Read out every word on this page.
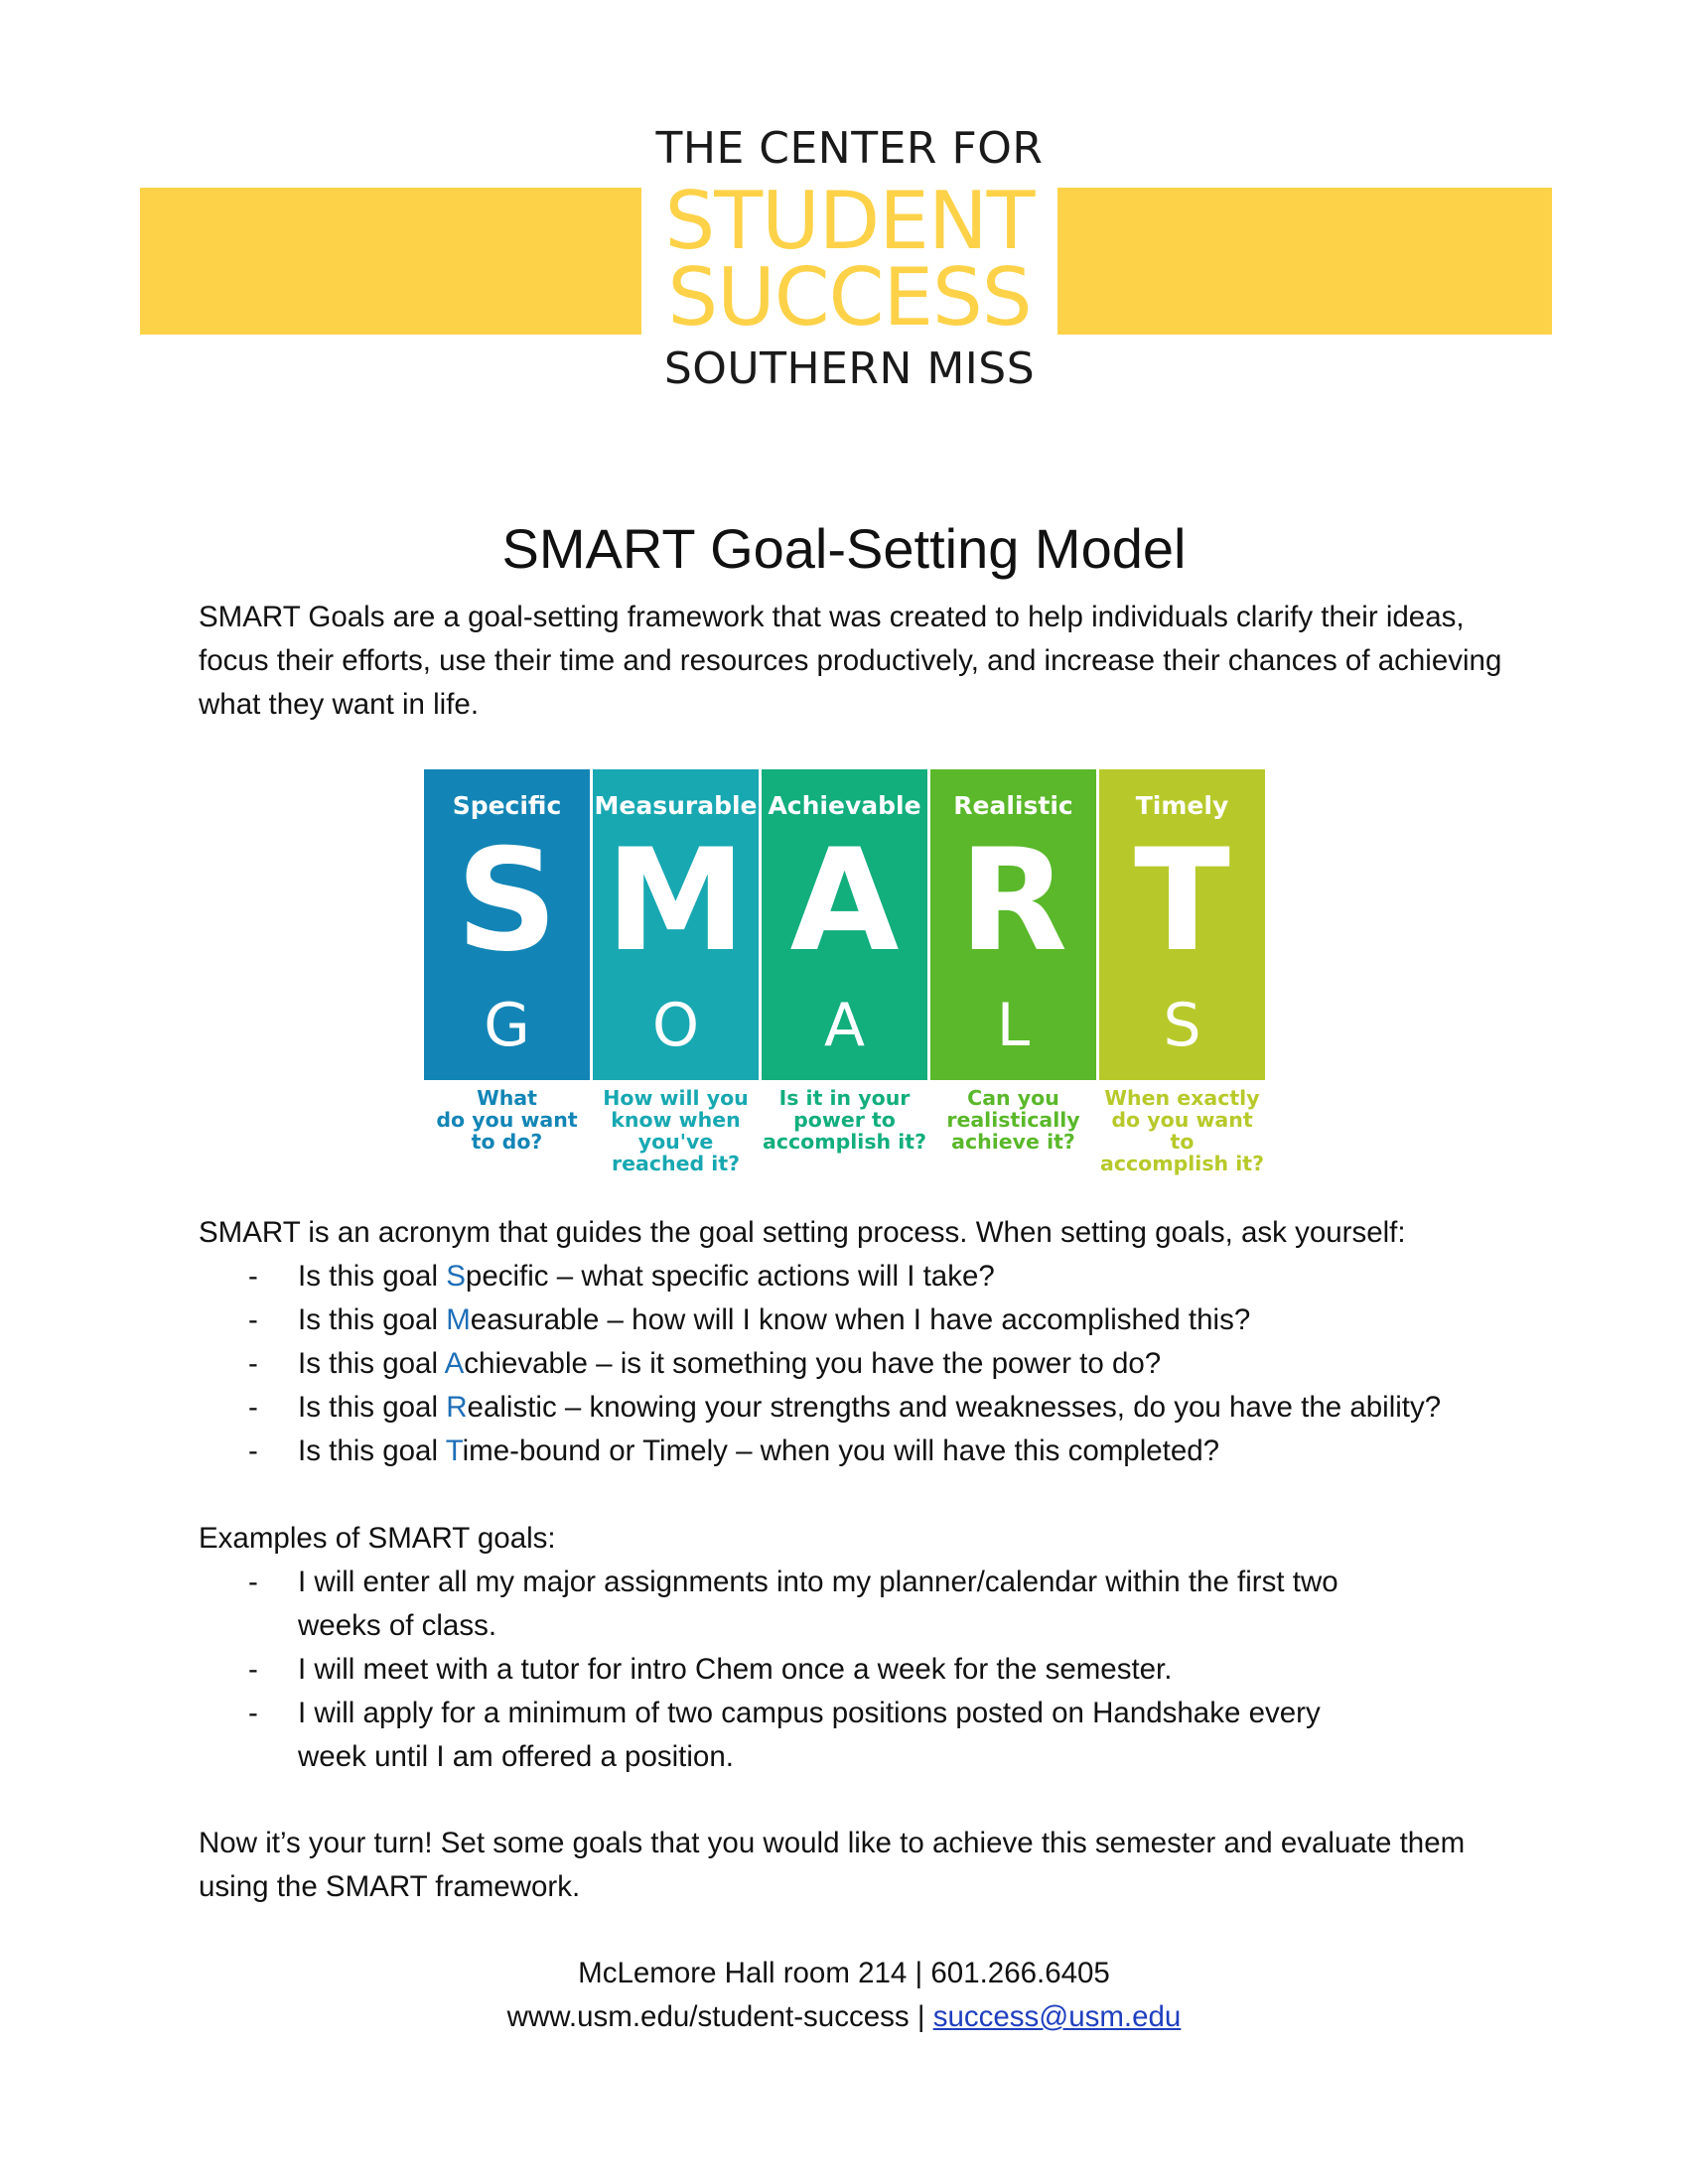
THE CENTER FOR
STUDENT
SUCCESS
SOUTHERN MISS
SMART Goal-Setting Model

SMART Goals are a goal-setting framework that was created to help individuals clarify their ideas, focus their efforts, use their time and resources productively, and increase their chances of achieving what they want in life.

Specific
S
G
What
do you want
to do?
Measurable
M
O
How will you
know when
you've
reached it?
Achievable
A
A
Is it in your
power to
accomplish it?
Realistic
R
L
Can you
realistically
achieve it?
Timely
T
S
When exactly
do you want to
accomplish it?

SMART is an acronym that guides the goal setting process. When setting goals, ask yourself:

- Is this goal Specific – what specific actions will I take?
- Is this goal Measurable – how will I know when I have accomplished this?
- Is this goal Achievable – is it something you have the power to do?
- Is this goal Realistic – knowing your strengths and weaknesses, do you have the ability?
- Is this goal Time-bound or Timely – when you will have this completed?

Examples of SMART goals:

- I will enter all my major assignments into my planner/calendar within the first two
weeks of class.
- I will meet with a tutor for intro Chem once a week for the semester.
- I will apply for a minimum of two campus positions posted on Handshake every
week until I am offered a position.

Now it’s your turn! Set some goals that you would like to achieve this semester and evaluate them using the SMART framework.

McLemore Hall room 214 | 601.266.6405
www.usm.edu/student-success | success@usm.edu
